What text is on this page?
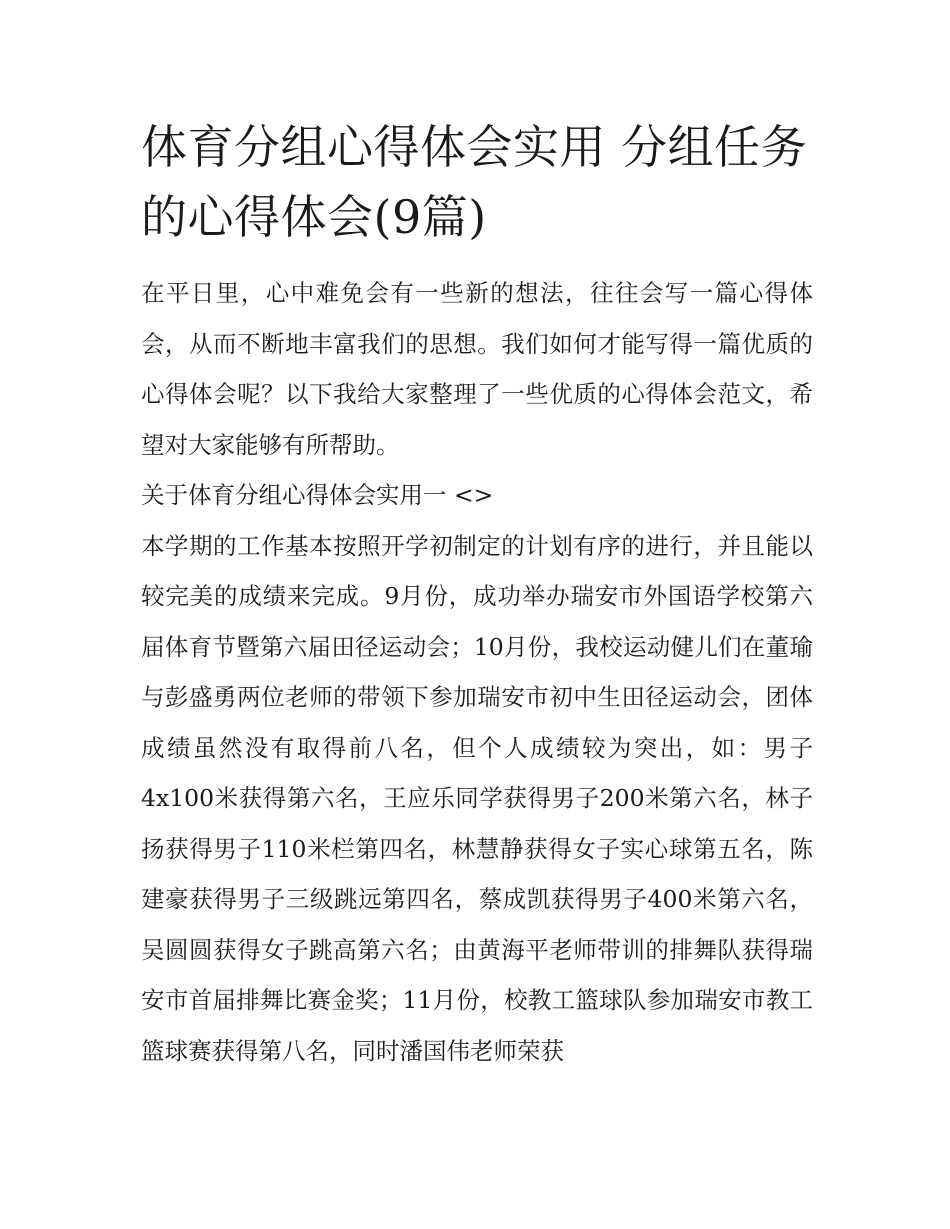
体育分组心得体会实用 分组任务的心得体会(9篇)

在平日里，心中难免会有一些新的想法，往往会写一篇心得体会，从而不断地丰富我们的思想。我们如何才能写得一篇优质的心得体会呢？以下我给大家整理了一些优质的心得体会范文，希望对大家能够有所帮助。

关于体育分组心得体会实用一 <>

本学期的工作基本按照开学初制定的计划有序的进行，并且能以较完美的成绩来完成。9月份，成功举办瑞安市外国语学校第六届体育节暨第六届田径运动会；10月份，我校运动健儿们在董瑜与彭盛勇两位老师的带领下参加瑞安市初中生田径运动会，团体成绩虽然没有取得前八名，但个人成绩较为突出，如：男子4x100米获得第六名，王应乐同学获得男子200米第六名，林子扬获得男子110米栏第四名，林慧静获得女子实心球第五名，陈建豪获得男子三级跳远第四名，蔡成凯获得男子400米第六名，吴圆圆获得女子跳高第六名；由黄海平老师带训的排舞队获得瑞安市首届排舞比赛金奖；11月份，校教工篮球队参加瑞安市教工篮球赛获得第八名，同时潘国伟老师荣获
